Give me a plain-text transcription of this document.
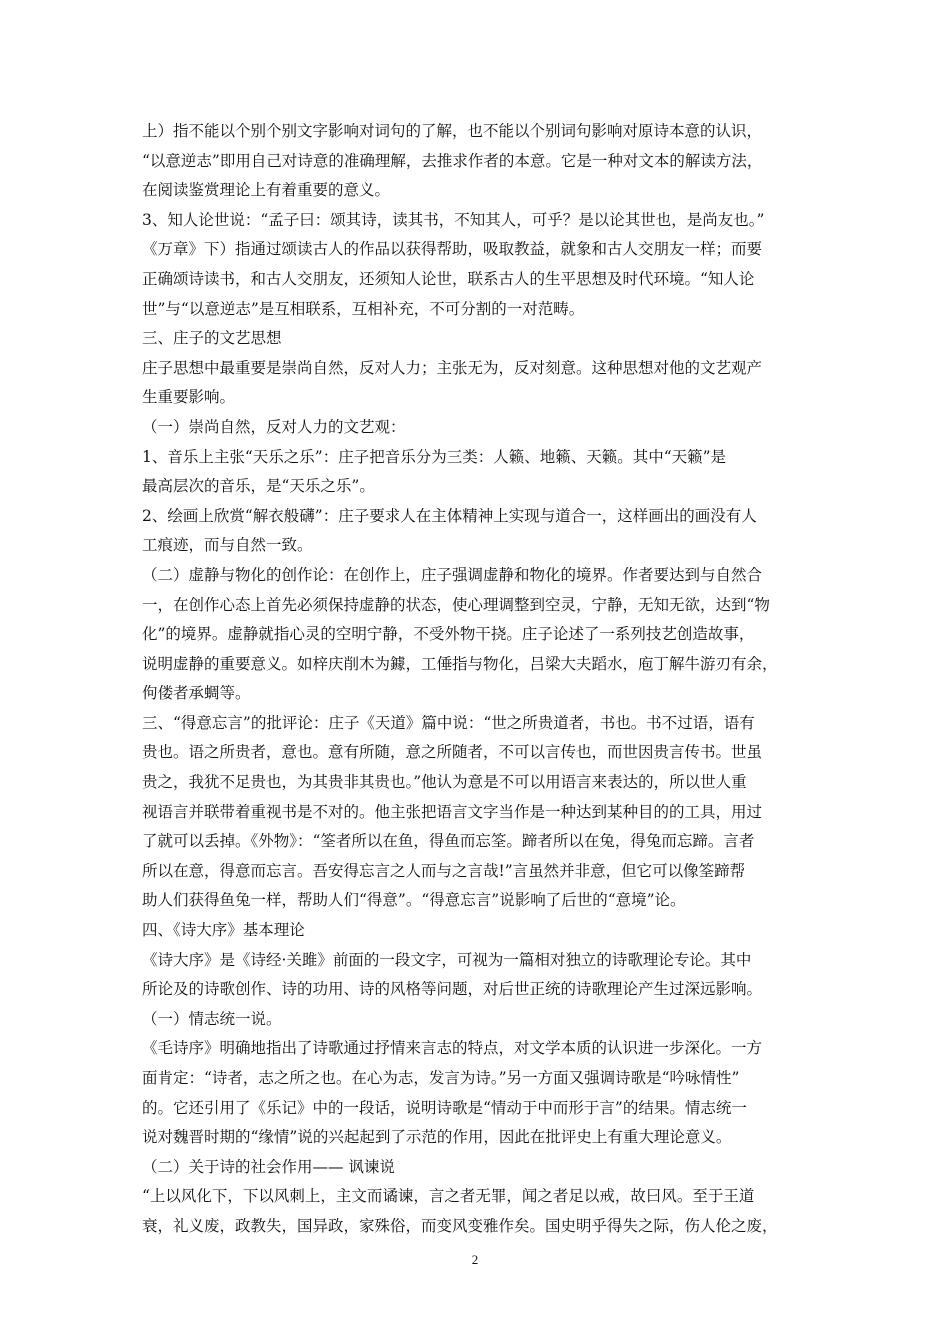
上）指不能以个别个别文字影响对词句的了解，也不能以个别词句影响对原诗本意的认识，
“以意逆志”即用自己对诗意的准确理解，去推求作者的本意。它是一种对文本的解读方法，
在阅读鉴赏理论上有着重要的意义。
3、知人论世说：“孟子曰：颂其诗，读其书，不知其人，可乎？是以论其世也，是尚友也。”
《万章》下）指通过颂读古人的作品以获得帮助，吸取教益，就象和古人交朋友一样；而要
正确颂诗读书，和古人交朋友，还须知人论世，联系古人的生平思想及时代环境。“知人论
世”与“以意逆志”是互相联系，互相补充，不可分割的一对范畴。
三、庄子的文艺思想
庄子思想中最重要是崇尚自然，反对人力；主张无为，反对刻意。这种思想对他的文艺观产
生重要影响。
（一）崇尚自然，反对人力的文艺观：
1、音乐上主张“天乐之乐”：庄子把音乐分为三类：人籁、地籁、天籁。其中“天籁”是
最高层次的音乐，是“天乐之乐”。
2、绘画上欣赏“解衣般礴”：庄子要求人在主体精神上实现与道合一，这样画出的画没有人
工痕迹，而与自然一致。
（二）虚静与物化的创作论：在创作上，庄子强调虚静和物化的境界。作者要达到与自然合
一，在创作心态上首先必须保持虚静的状态，使心理调整到空灵，宁静，无知无欲，达到“物
化”的境界。虚静就指心灵的空明宁静，不受外物干挠。庄子论述了一系列技艺创造故事，
说明虚静的重要意义。如梓庆削木为鐻，工倕指与物化，吕梁大夫蹈水，庖丁解牛游刃有余，
佝偻者承蜩等。
三、“得意忘言”的批评论：庄子《天道》篇中说：“世之所贵道者，书也。书不过语，语有
贵也。语之所贵者，意也。意有所随，意之所随者，不可以言传也，而世因贵言传书。世虽
贵之，我犹不足贵也，为其贵非其贵也。”他认为意是不可以用语言来表达的，所以世人重
视语言并联带着重视书是不对的。他主张把语言文字当作是一种达到某种目的的工具，用过
了就可以丢掉。《外物》：“筌者所以在鱼，得鱼而忘筌。蹄者所以在兔，得兔而忘蹄。言者
所以在意，得意而忘言。吾安得忘言之人而与之言哉!”言虽然并非意，但它可以像筌蹄帮
助人们获得鱼兔一样，帮助人们“得意”。“得意忘言”说影响了后世的“意境”论。
四、《诗大序》基本理论
《诗大序》是《诗经·关雎》前面的一段文字，可视为一篇相对独立的诗歌理论专论。其中
所论及的诗歌创作、诗的功用、诗的风格等问题，对后世正统的诗歌理论产生过深远影响。
（一）情志统一说。
《毛诗序》明确地指出了诗歌通过抒情来言志的特点，对文学本质的认识进一步深化。一方
面肯定：“诗者，志之所之也。在心为志，发言为诗。”另一方面又强调诗歌是“吟咏情性”
的。它还引用了《乐记》中的一段话，说明诗歌是“情动于中而形于言”的结果。情志统一
说对魏晋时期的“缘情”说的兴起起到了示范的作用，因此在批评史上有重大理论意义。
（二）关于诗的社会作用—— 讽谏说
“上以风化下，下以风刺上，主文而谲谏，言之者无罪，闻之者足以戒，故曰风。至于王道
衰，礼义废，政教失，国异政，家殊俗，而变风变雅作矣。国史明乎得失之际，伤人伦之废，
2
